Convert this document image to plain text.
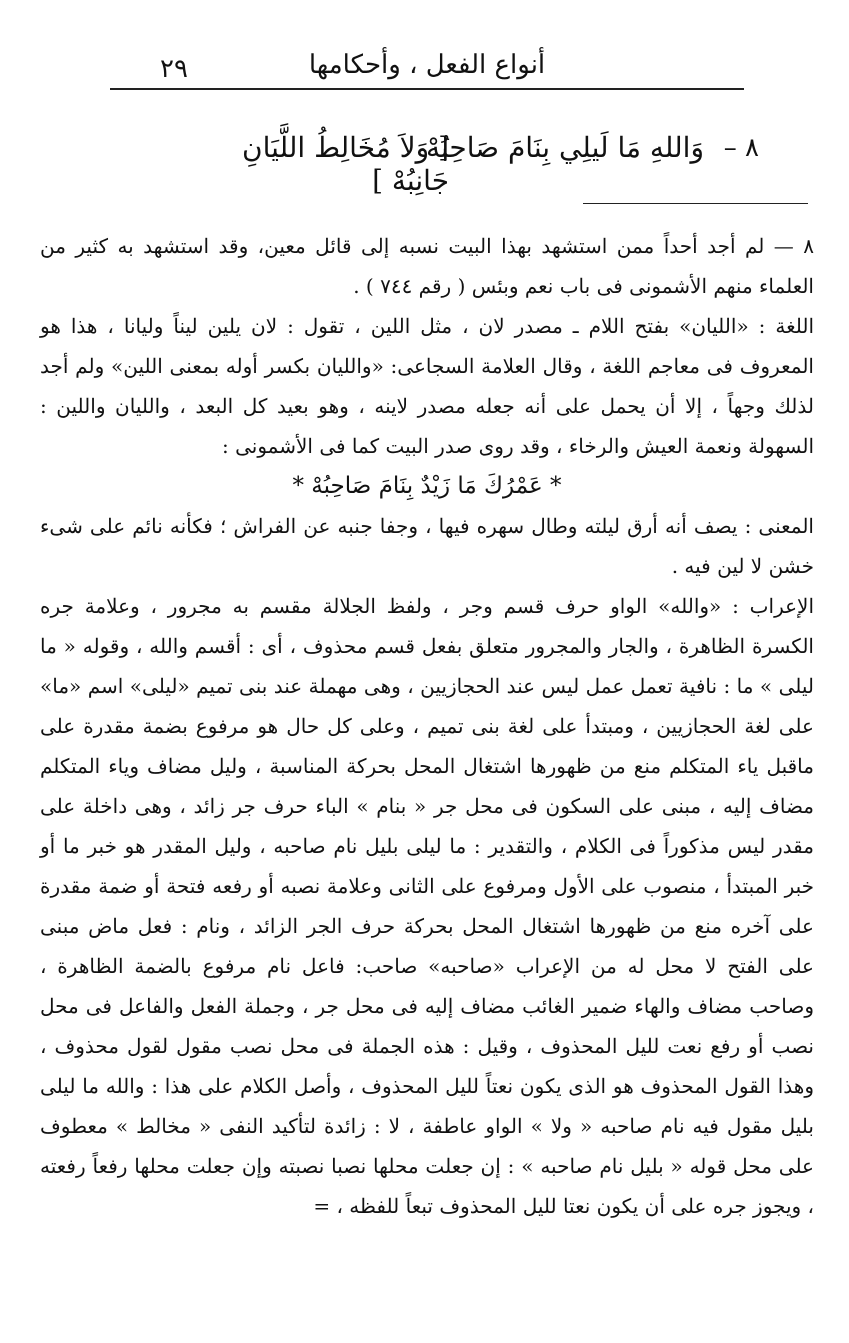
٢٩	أنواع الفعل ، وأحكامها
٨ –
وَاللهِ مَا لَيلِي بِنَامَ صَاحِبُهْ
[ وَلاَ مُخَالِطُ اللَّيَانِ جَانِبُهْ ]

٨ — لم أجد أحداً ممن استشهد بهذا البيت نسبه إلى قائل معين، وقد استشهد به كثير من العلماء منهم الأشمونى فى باب نعم وبئس ( رقم ٧٤٤ ) .

اللغة : «الليان» بفتح اللام ـ مصدر لان ، مثل اللين ، تقول : لان يلين ليناً وليانا ، هذا هو المعروف فى معاجم اللغة ، وقال العلامة السجاعى: «والليان بكسر أوله بمعنى اللين» ولم أجد لذلك وجهاً ، إلا أن يحمل على أنه جعله مصدر لاينه ، وهو بعيد كل البعد ، والليان واللين : السهولة ونعمة العيش والرخاء ، وقد روى صدر البيت كما فى الأشمونى :

* عَمْرُكَ مَا زَيْدٌ بِنَامَ صَاحِبُهْ *

المعنى : يصف أنه أرق ليلته وطال سهره فيها ، وجفا جنبه عن الفراش ؛ فكأنه نائم على شىء خشن لا لين فيه .

الإعراب : «والله» الواو حرف قسم وجر ، ولفظ الجلالة مقسم به مجرور ، وعلامة جره الكسرة الظاهرة ، والجار والمجرور متعلق بفعل قسم محذوف ، أى : أقسم والله ، وقوله « ما ليلى » ما : نافية تعمل عمل ليس عند الحجازيين ، وهى مهملة عند بنى تميم «ليلى» اسم «ما» على لغة الحجازيين ، ومبتدأ على لغة بنى تميم ، وعلى كل حال هو مرفوع بضمة مقدرة على ماقبل ياء المتكلم منع من ظهورها اشتغال المحل بحركة المناسبة ، وليل مضاف وياء المتكلم مضاف إليه ، مبنى على السكون فى محل جر « بنام » الباء حرف جر زائد ، وهى داخلة على مقدر ليس مذكوراً فى الكلام ، والتقدير : ما ليلى بليل نام صاحبه ، وليل المقدر هو خبر ما أو خبر المبتدأ ، منصوب على الأول ومرفوع على الثانى وعلامة نصبه أو رفعه فتحة أو ضمة مقدرة على آخره منع من ظهورها اشتغال المحل بحركة حرف الجر الزائد ، ونام : فعل ماض مبنى على الفتح لا محل له من الإعراب «صاحبه» صاحب: فاعل نام مرفوع بالضمة الظاهرة ، وصاحب مضاف والهاء ضمير الغائب مضاف إليه فى محل جر ، وجملة الفعل والفاعل فى محل نصب أو رفع نعت لليل المحذوف ، وقيل : هذه الجملة فى محل نصب مقول لقول محذوف ، وهذا القول المحذوف هو الذى يكون نعتاً لليل المحذوف ، وأصل الكلام على هذا : والله ما ليلى بليل مقول فيه نام صاحبه « ولا » الواو عاطفة ، لا : زائدة لتأكيد النفى « مخالط » معطوف على محل قوله « بليل نام صاحبه » : إن جعلت محلها نصبا نصبته وإن جعلت محلها رفعاً رفعته ، ويجوز جره على أن يكون نعتا لليل المحذوف تبعاً للفظه ، =
